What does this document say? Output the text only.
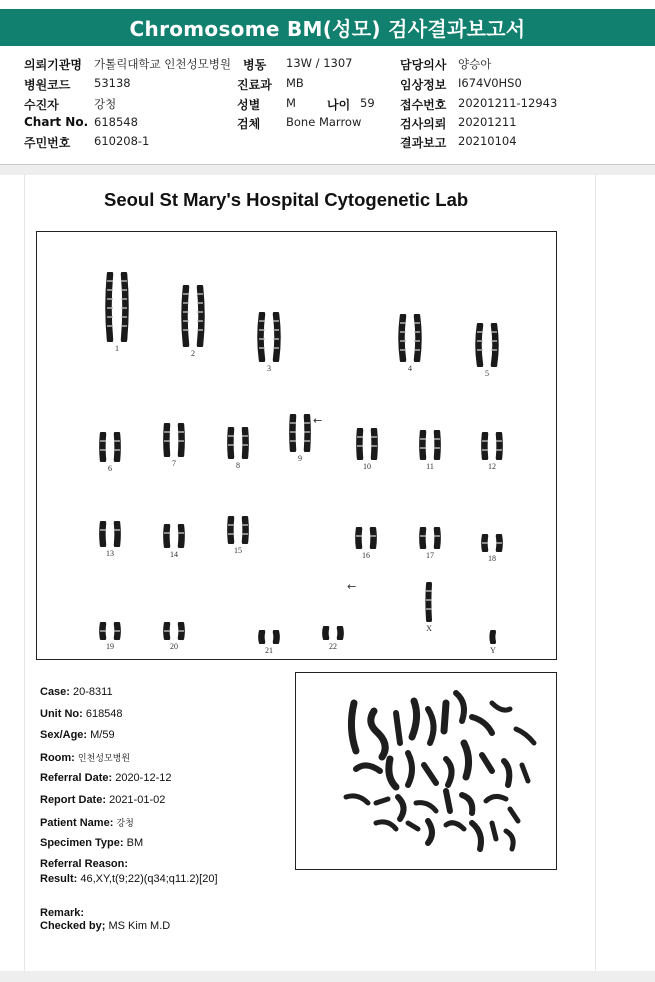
Chromosome BM(성모) 검사결과보고서
의뢰기관명 가톨릭대학교 인천성모병원
병원코드 53138
수진자	강청
Chart No. 618548
주민번호 610208-1
병동 13W / 1307
진료과 MB
성별 M	나이 59
검체 Bone Marrow
담당의사 양승아
임상정보 I674V0HS0
접수번호 20201211-12943
검사의뢰 20201211
결과보고 20210104
Seoul St Mary's Hospital Cytogenetic Lab
1
2
3	4
5
6
7	8
9
10	11	12
13	14	15
16	17	18
19	20	21	22
X
Y
←
←
Case: 20-8311
Unit No: 618548
Sex/Age: M/59
Room: 인천성모병원
Referral Date: 2020-12-12
Report Date: 2021-01-02
Patient Name: 강청
Specimen Type: BM
Referral Reason:
Result: 46,XY,t(9;22)(q34;q11.2)[20]
Remark:
Checked by; MS Kim M.D
